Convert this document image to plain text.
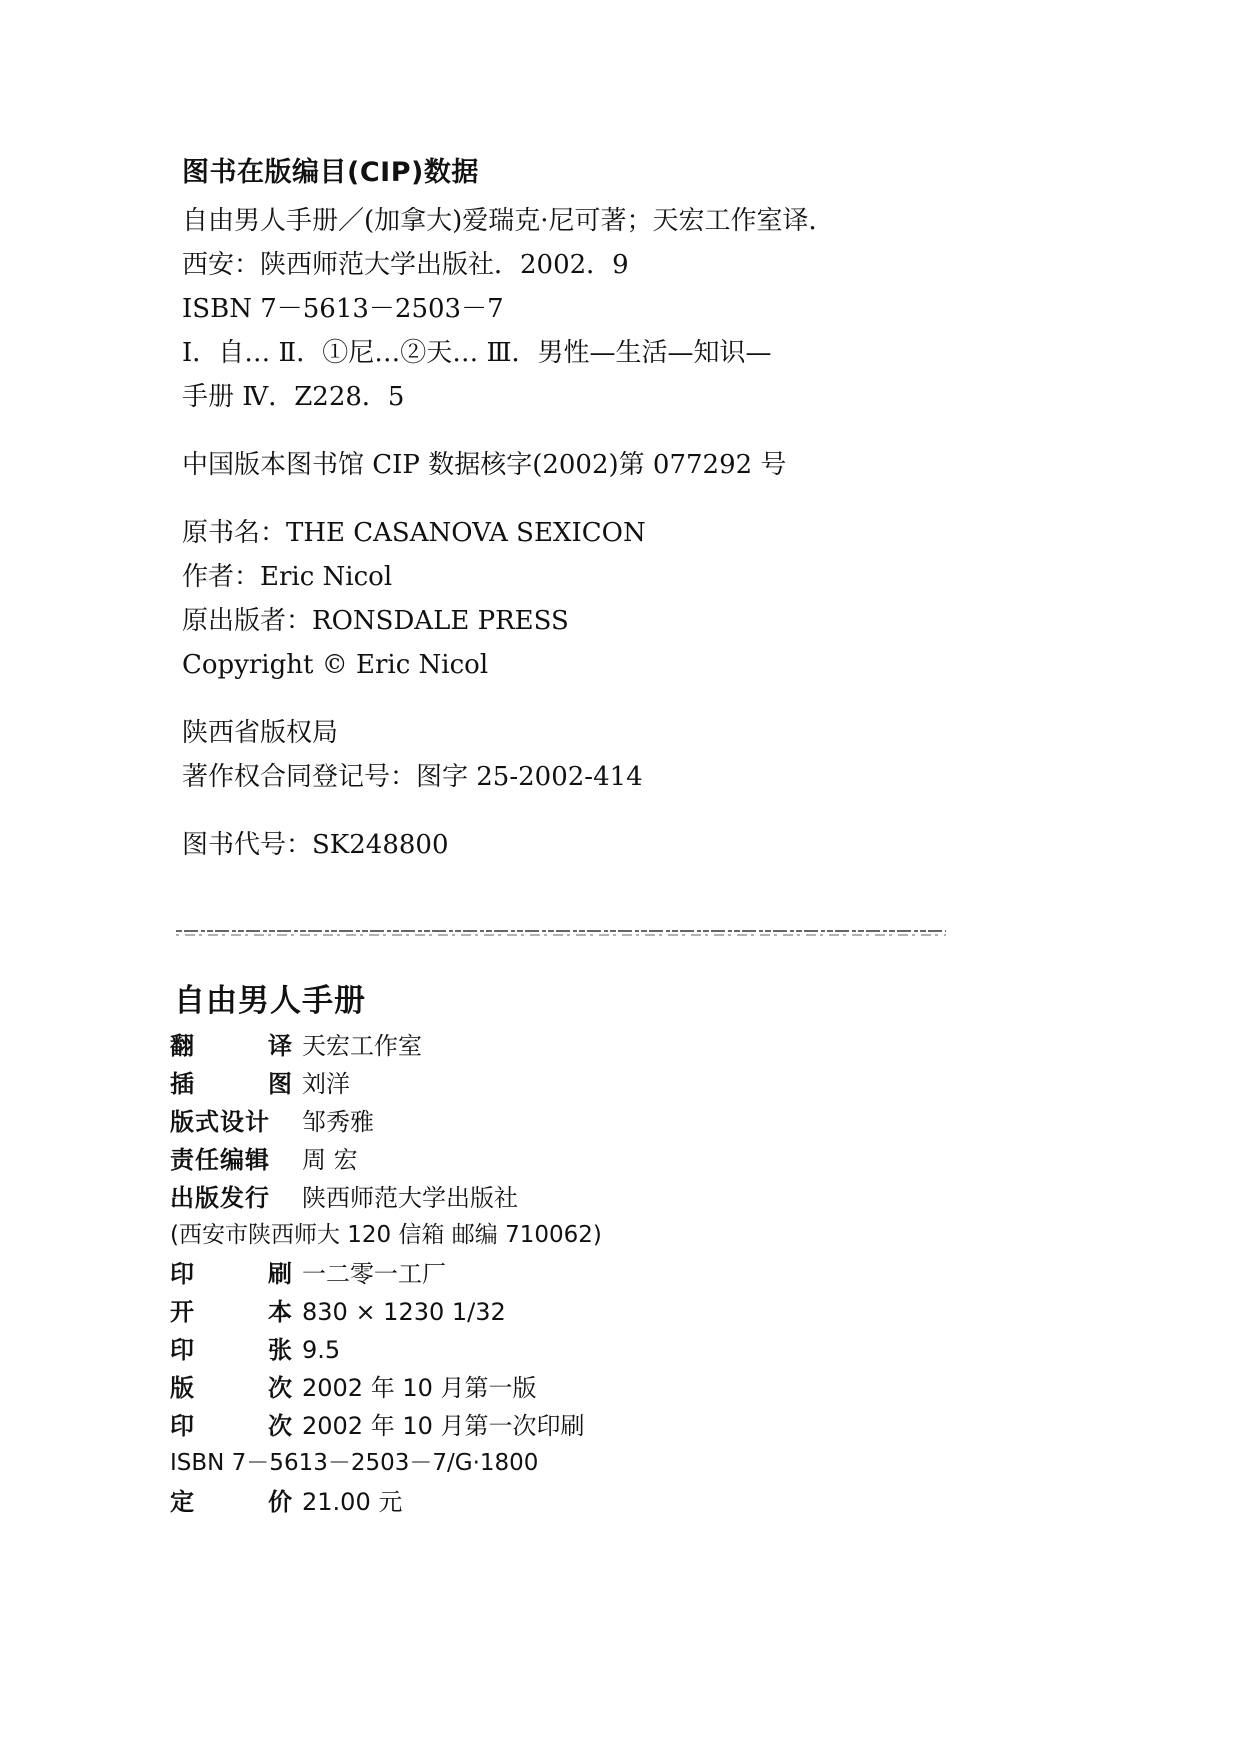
图书在版编目(CIP)数据
自由男人手册／(加拿大)爱瑞克·尼可著；天宏工作室译．
西安：陕西师范大学出版社．2002．9
ISBN 7－5613－2503－7
Ⅰ．自… Ⅱ．①尼…②天… Ⅲ．男性—生活—知识—
手册 Ⅳ．Z228．5
中国版本图书馆 CIP 数据核字(2002)第 077292 号
原书名：THE CASANOVA SEXICON
作者：Eric Nicol
原出版者：RONSDALE PRESS
Copyright © Eric Nicol
陕西省版权局
著作权合同登记号：图字 25-2002-414
图书代号：SK248800
自由男人手册
翻	译 天宏工作室
插	图 刘洋
版式设计	邹秀雅
责任编辑	周 宏
出版发行	陕西师范大学出版社
(西安市陕西师大 120 信箱 邮编 710062)
印	刷 一二零一工厂
开	本 830 × 1230 1/32
印	张 9.5
版	次 2002 年 10 月第一版
印	次 2002 年 10 月第一次印刷
ISBN 7－5613－2503－7/G·1800
定	价 21.00 元
